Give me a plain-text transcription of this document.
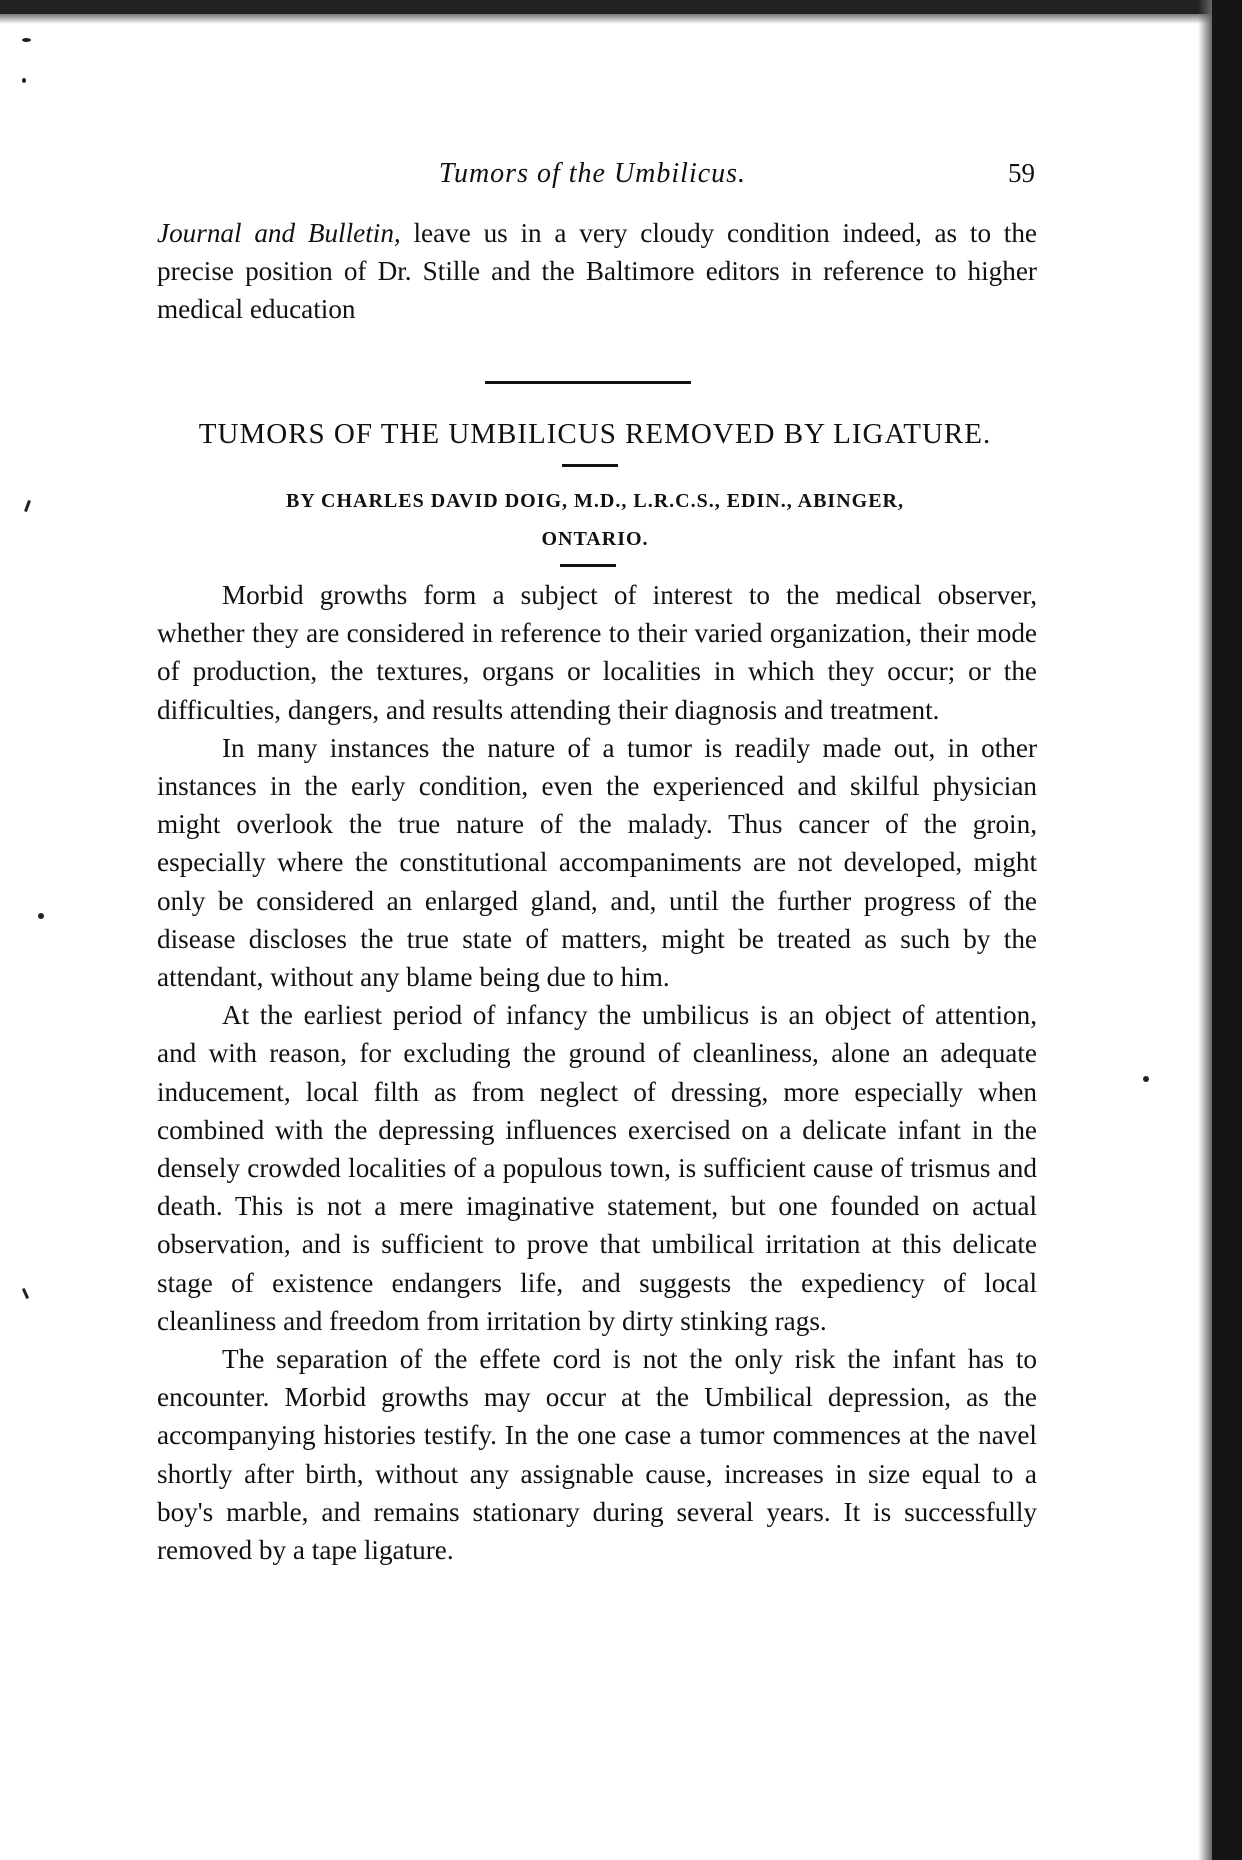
Tumors of the Umbilicus.	59

Journal and Bulletin, leave us in a very cloudy condition indeed, as to the precise position of Dr. Stille and the Baltimore editors in reference to higher medical education

TUMORS OF THE UMBILICUS REMOVED BY LIGATURE.
BY CHARLES DAVID DOIG, M.D., L.R.C.S., EDIN., ABINGER,
ONTARIO.

Morbid growths form a subject of interest to the medical observer, whether they are considered in reference to their varied organization, their mode of production, the textures, organs or localities in which they occur; or the difficulties, dangers, and results attending their diagnosis and treatment.

In many instances the nature of a tumor is readily made out, in other instances in the early condition, even the experienced and skilful physician might overlook the true nature of the malady. Thus cancer of the groin, especially where the constitutional accompaniments are not developed, might only be considered an enlarged gland, and, until the further progress of the disease discloses the true state of matters, might be treated as such by the attendant, without any blame being due to him.

At the earliest period of infancy the umbilicus is an object of attention, and with reason, for excluding the ground of cleanliness, alone an adequate inducement, local filth as from neglect of dressing, more especially when combined with the depressing influences exercised on a delicate infant in the densely crowded localities of a populous town, is sufficient cause of trismus and death. This is not a mere imaginative statement, but one founded on actual observation, and is sufficient to prove that umbilical irritation at this delicate stage of existence endangers life, and suggests the expediency of local cleanliness and freedom from irritation by dirty stinking rags.

The separation of the effete cord is not the only risk the infant has to encounter. Morbid growths may occur at the Umbilical depression, as the accompanying histories testify. In the one case a tumor commences at the navel shortly after birth, without any assignable cause, increases in size equal to a boy's marble, and remains stationary during several years. It is successfully removed by a tape ligature.
